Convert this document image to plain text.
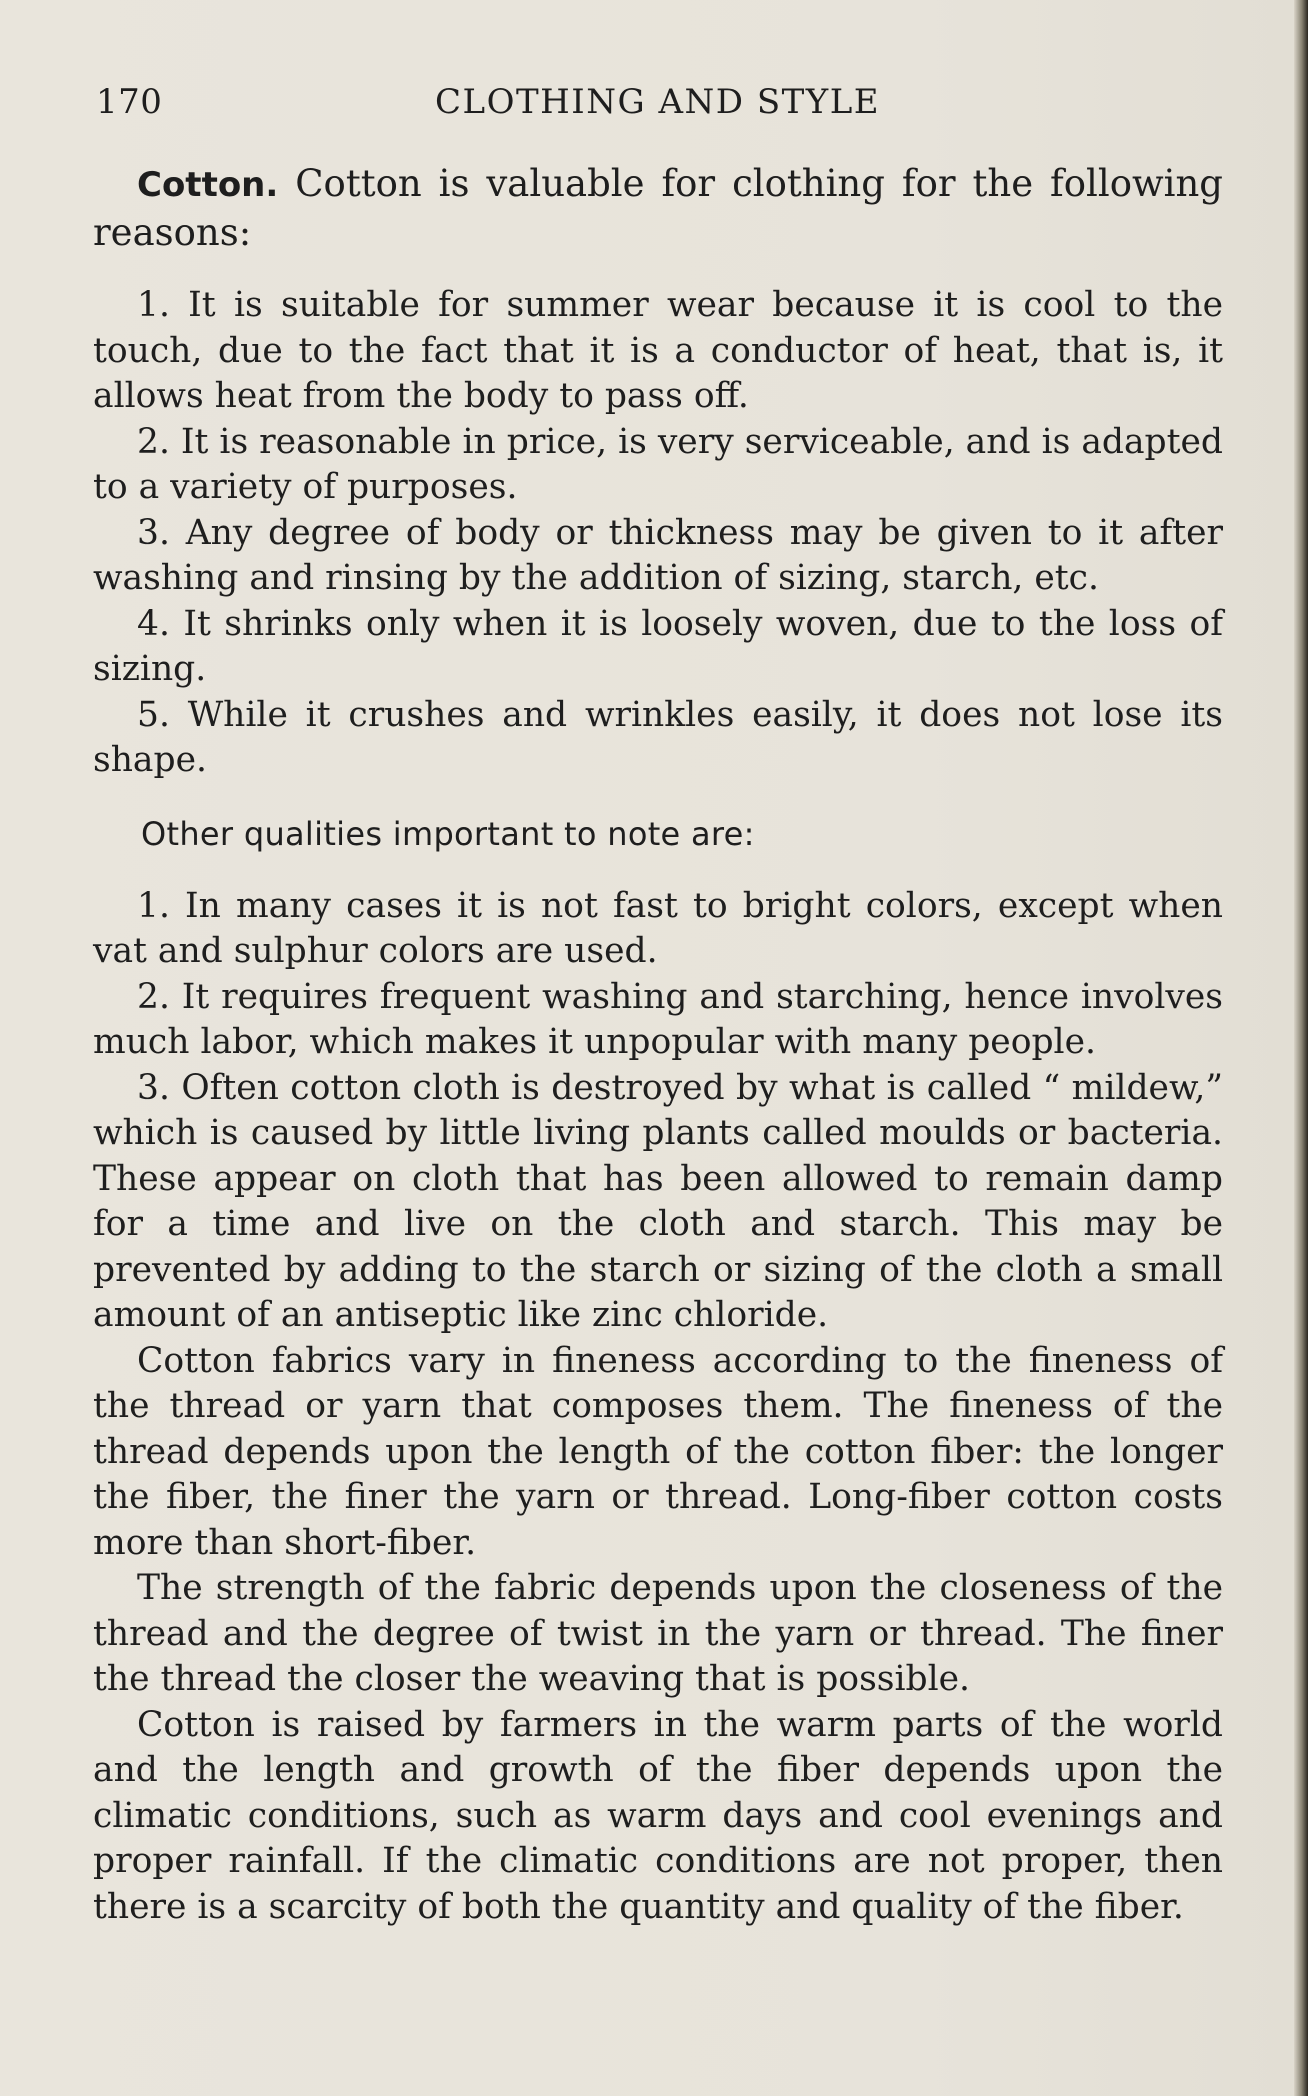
170	CLOTHING AND STYLE

Cotton. Cotton is valuable for clothing for the following reasons:

1. It is suitable for summer wear because it is cool to the touch, due to the fact that it is a conductor of heat, that is, it allows heat from the body to pass off.

2. It is reasonable in price, is very serviceable, and is adapted to a variety of purposes.

3. Any degree of body or thickness may be given to it after washing and rinsing by the addition of sizing, starch, etc.

4. It shrinks only when it is loosely woven, due to the loss of sizing.

5. While it crushes and wrinkles easily, it does not lose its shape.

Other qualities important to note are:

1. In many cases it is not fast to bright colors, except when vat and sulphur colors are used.

2. It requires frequent washing and starching, hence involves much labor, which makes it unpopular with many people.

3. Often cotton cloth is destroyed by what is called “ mildew,” which is caused by little living plants called moulds or bacteria. These appear on cloth that has been allowed to remain damp for a time and live on the cloth and starch. This may be prevented by adding to the starch or sizing of the cloth a small amount of an antiseptic like zinc chloride.

Cotton fabrics vary in fineness according to the fineness of the thread or yarn that composes them. The fineness of the thread depends upon the length of the cotton fiber: the longer the fiber, the finer the yarn or thread. Long-fiber cotton costs more than short-fiber.

The strength of the fabric depends upon the closeness of the thread and the degree of twist in the yarn or thread. The finer the thread the closer the weaving that is possible.

Cotton is raised by farmers in the warm parts of the world and the length and growth of the fiber depends upon the climatic conditions, such as warm days and cool evenings and proper rainfall. If the climatic conditions are not proper, then there is a scarcity of both the quantity and quality of the fiber.
